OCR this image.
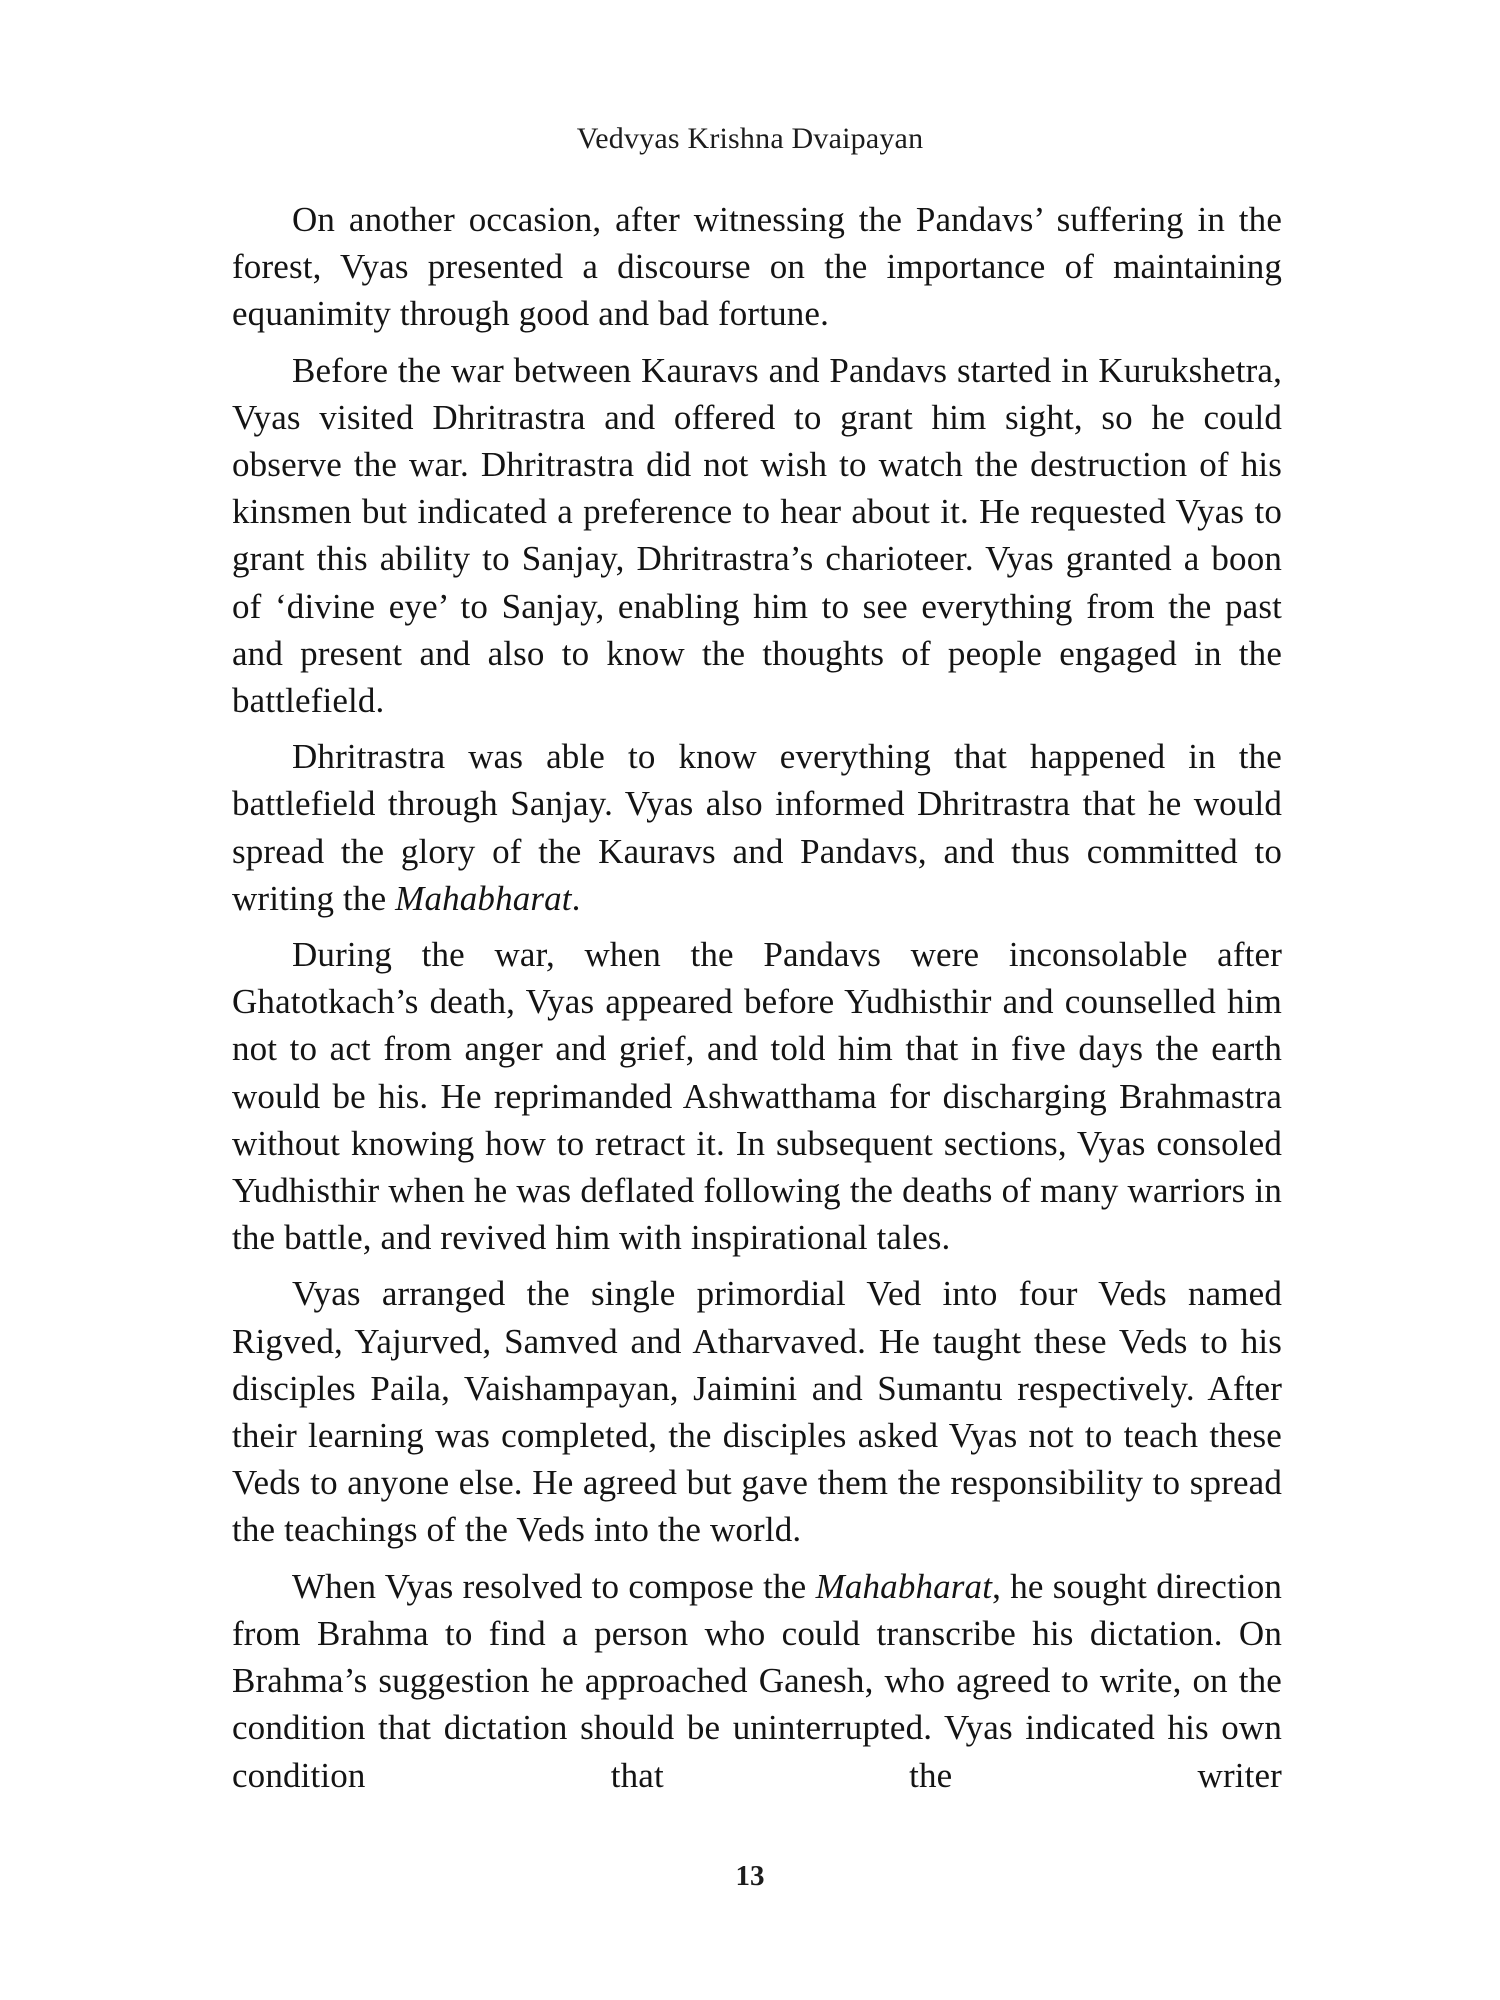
Vedvyas Krishna Dvaipayan

On another occasion, after witnessing the Pandavs’ suffering in the forest, Vyas presented a discourse on the importance of maintaining equanimity through good and bad fortune.

Before the war between Kauravs and Pandavs started in Kurukshetra, Vyas visited Dhritrastra and offered to grant him sight, so he could observe the war. Dhritrastra did not wish to watch the destruction of his kinsmen but indicated a preference to hear about it. He requested Vyas to grant this ability to Sanjay, Dhritrastra’s charioteer. Vyas granted a boon of ‘divine eye’ to Sanjay, enabling him to see everything from the past and present and also to know the thoughts of people engaged in the battlefield.

Dhritrastra was able to know everything that happened in the battlefield through Sanjay. Vyas also informed Dhritrastra that he would spread the glory of the Kauravs and Pandavs, and thus committed to writing the Mahabharat.

During the war, when the Pandavs were inconsolable after Ghatotkach’s death, Vyas appeared before Yudhisthir and counselled him not to act from anger and grief, and told him that in five days the earth would be his. He reprimanded Ashwatthama for discharging Brahmastra without knowing how to retract it. In subsequent sections, Vyas consoled Yudhisthir when he was deflated following the deaths of many warriors in the battle, and revived him with inspirational tales.

Vyas arranged the single primordial Ved into four Veds named Rigved, Yajurved, Samved and Atharvaved. He taught these Veds to his disciples Paila, Vaishampayan, Jaimini and Sumantu respectively. After their learning was completed, the disciples asked Vyas not to teach these Veds to anyone else. He agreed but gave them the responsibility to spread the teachings of the Veds into the world.

When Vyas resolved to compose the Mahabharat, he sought direction from Brahma to find a person who could transcribe his dictation. On Brahma’s suggestion he approached Ganesh, who agreed to write, on the condition that dictation should be uninterrupted. Vyas indicated his own condition that the writer

13
